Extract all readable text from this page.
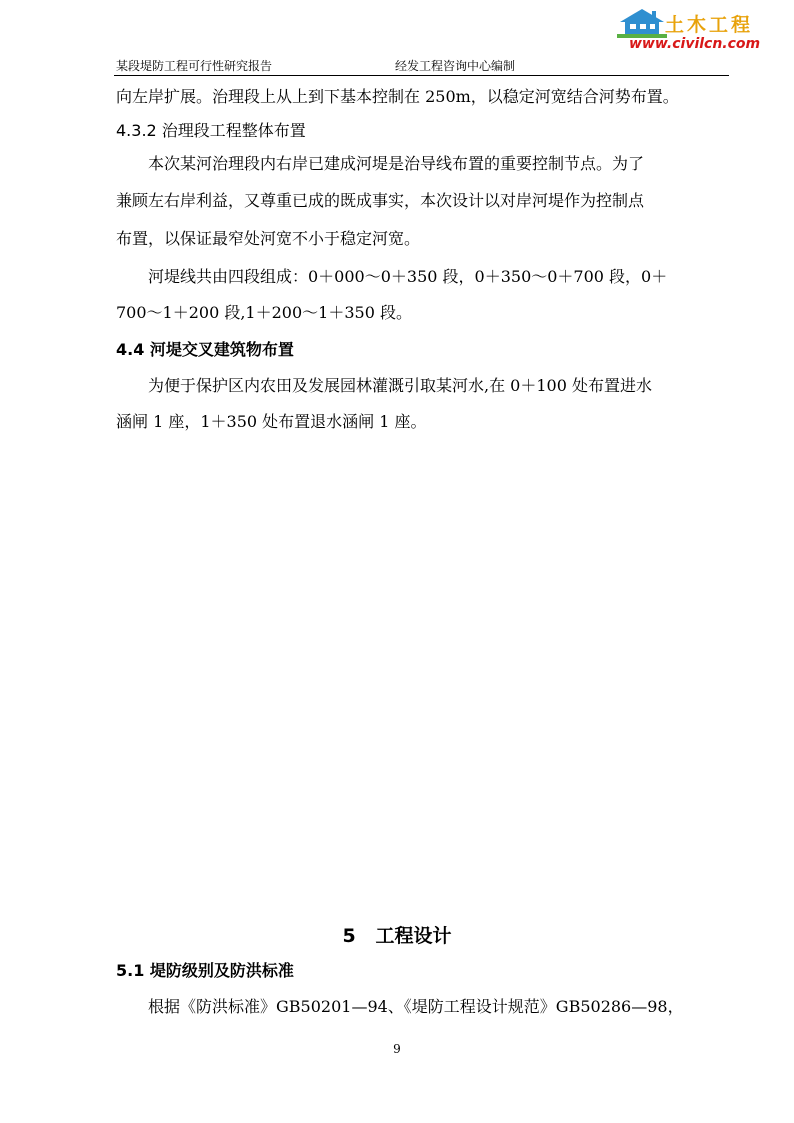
土木工程
www.civilcn.com
某段堤防工程可行性研究报告	经发工程咨询中心编制
向左岸扩展。治理段上从上到下基本控制在 250m，以稳定河宽结合河势布置。
4.3.2 治理段工程整体布置
本次某河治理段内右岸已建成河堤是治导线布置的重要控制节点。为了
兼顾左右岸利益，又尊重已成的既成事实，本次设计以对岸河堤作为控制点
布置，以保证最窄处河宽不小于稳定河宽。
河堤线共由四段组成：0＋000～0＋350 段，0＋350～0＋700 段，0＋
700～1＋200 段,1＋200～1＋350 段。
4.4 河堤交叉建筑物布置
为便于保护区内农田及发展园林灌溉引取某河水,在 0＋100 处布置进水
涵闸 1 座，1＋350 处布置退水涵闸 1 座。
5   工程设计
5.1 堤防级别及防洪标准
根据《防洪标准》GB50201—94、《堤防工程设计规范》GB50286—98，
9
